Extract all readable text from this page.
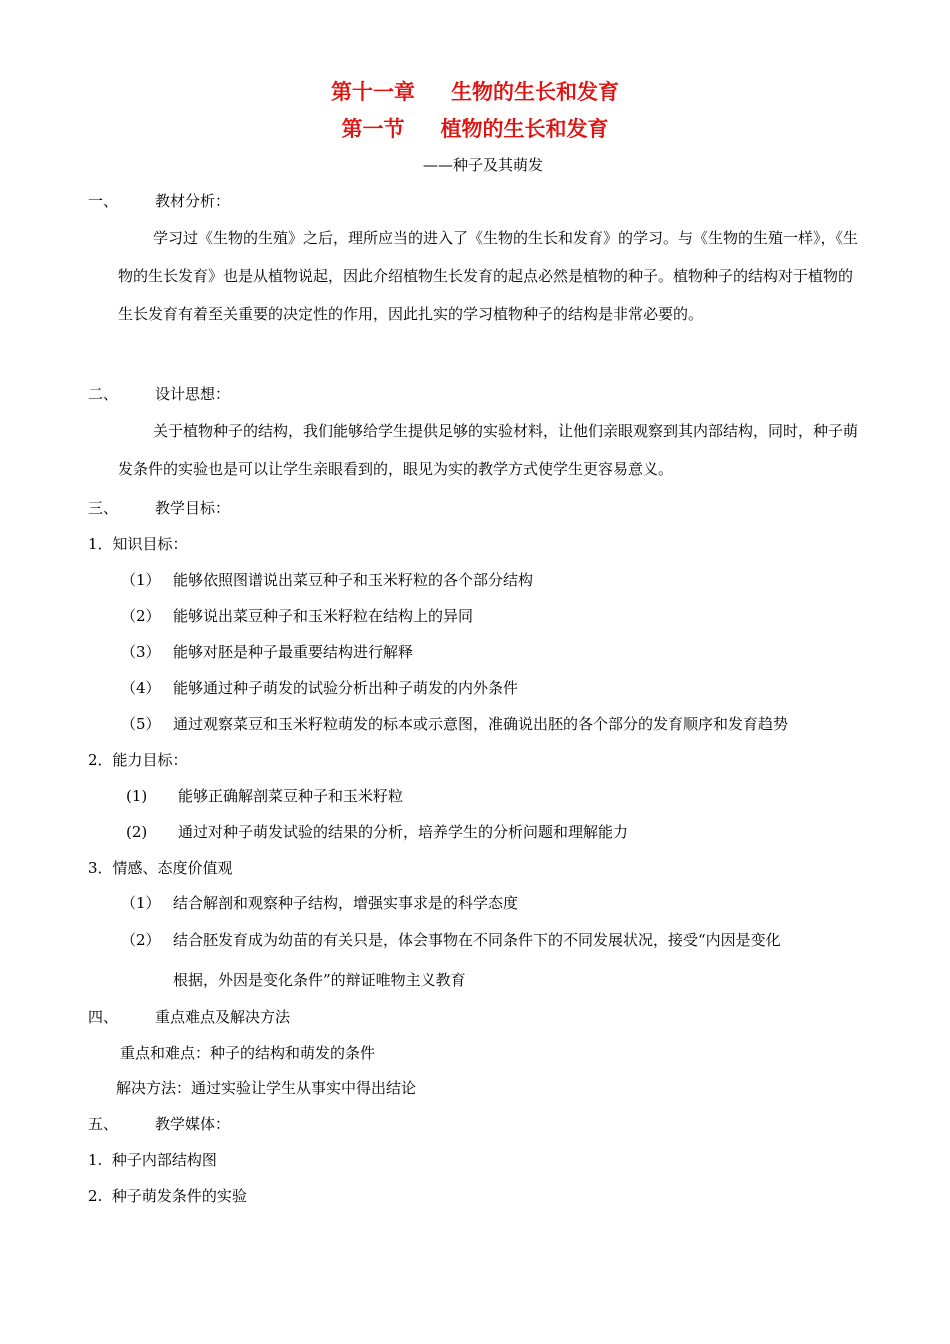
第十一章 生物的生长和发育
第一节 植物的生长和发育
——种子及其萌发
一、 教材分析：
学习过《生物的生殖》之后，理所应当的进入了《生物的生长和发育》的学习。与《生物的生殖一样》，《生物的生长发育》也是从植物说起，因此介绍植物生长发育的起点必然是植物的种子。植物种子的结构对于植物的生长发育有着至关重要的决定性的作用，因此扎实的学习植物种子的结构是非常必要的。
二、 设计思想：
关于植物种子的结构，我们能够给学生提供足够的实验材料，让他们亲眼观察到其内部结构，同时，种子萌发条件的实验也是可以让学生亲眼看到的，眼见为实的教学方式使学生更容易意义。
三、 教学目标：
1．知识目标：
（1） 能够依照图谱说出菜豆种子和玉米籽粒的各个部分结构
（2） 能够说出菜豆种子和玉米籽粒在结构上的异同
（3） 能够对胚是种子最重要结构进行解释
（4） 能够通过种子萌发的试验分析出种子萌发的内外条件
（5） 通过观察菜豆和玉米籽粒萌发的标本或示意图，准确说出胚的各个部分的发育顺序和发育趋势
2．能力目标：
(1) 能够正确解剖菜豆种子和玉米籽粒
(2) 通过对种子萌发试验的结果的分析，培养学生的分析问题和理解能力
3．情感、态度价值观
（1） 结合解剖和观察种子结构，增强实事求是的科学态度
（2） 结合胚发育成为幼苗的有关只是，体会事物在不同条件下的不同发展状况，接受“内因是变化
根据，外因是变化条件”的辩证唯物主义教育
四、 重点难点及解决方法
重点和难点：种子的结构和萌发的条件
解决方法：通过实验让学生从事实中得出结论
五、 教学媒体：
1.  种子内部结构图
2.  种子萌发条件的实验
